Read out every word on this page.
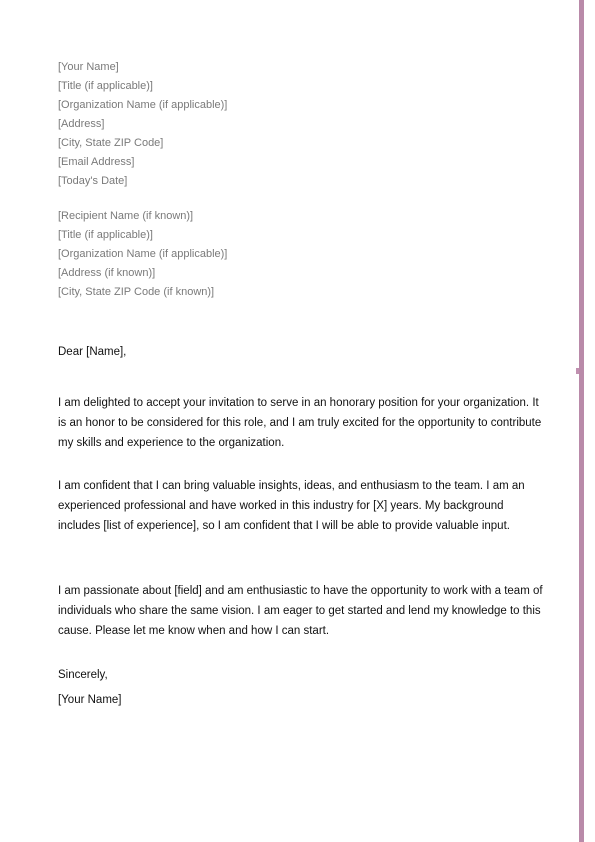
[Your Name]
[Title (if applicable)]
[Organization Name (if applicable)]
[Address]
[City, State ZIP Code]
[Email Address]
[Today's Date]
[Recipient Name (if known)]
[Title (if applicable)]
[Organization Name (if applicable)]
[Address (if known)]
[City, State ZIP Code (if known)]

Dear [Name],

I am delighted to accept your invitation to serve in an honorary position for your organization. It is an honor to be considered for this role, and I am truly excited for the opportunity to contribute my skills and experience to the organization.

I am confident that I can bring valuable insights, ideas, and enthusiasm to the team. I am an experienced professional and have worked in this industry for [X] years. My background includes [list of experience], so I am confident that I will be able to provide valuable input.

I am passionate about [field] and am enthusiastic to have the opportunity to work with a team of individuals who share the same vision. I am eager to get started and lend my knowledge to this cause. Please let me know when and how I can start.

Sincerely,

[Your Name]
